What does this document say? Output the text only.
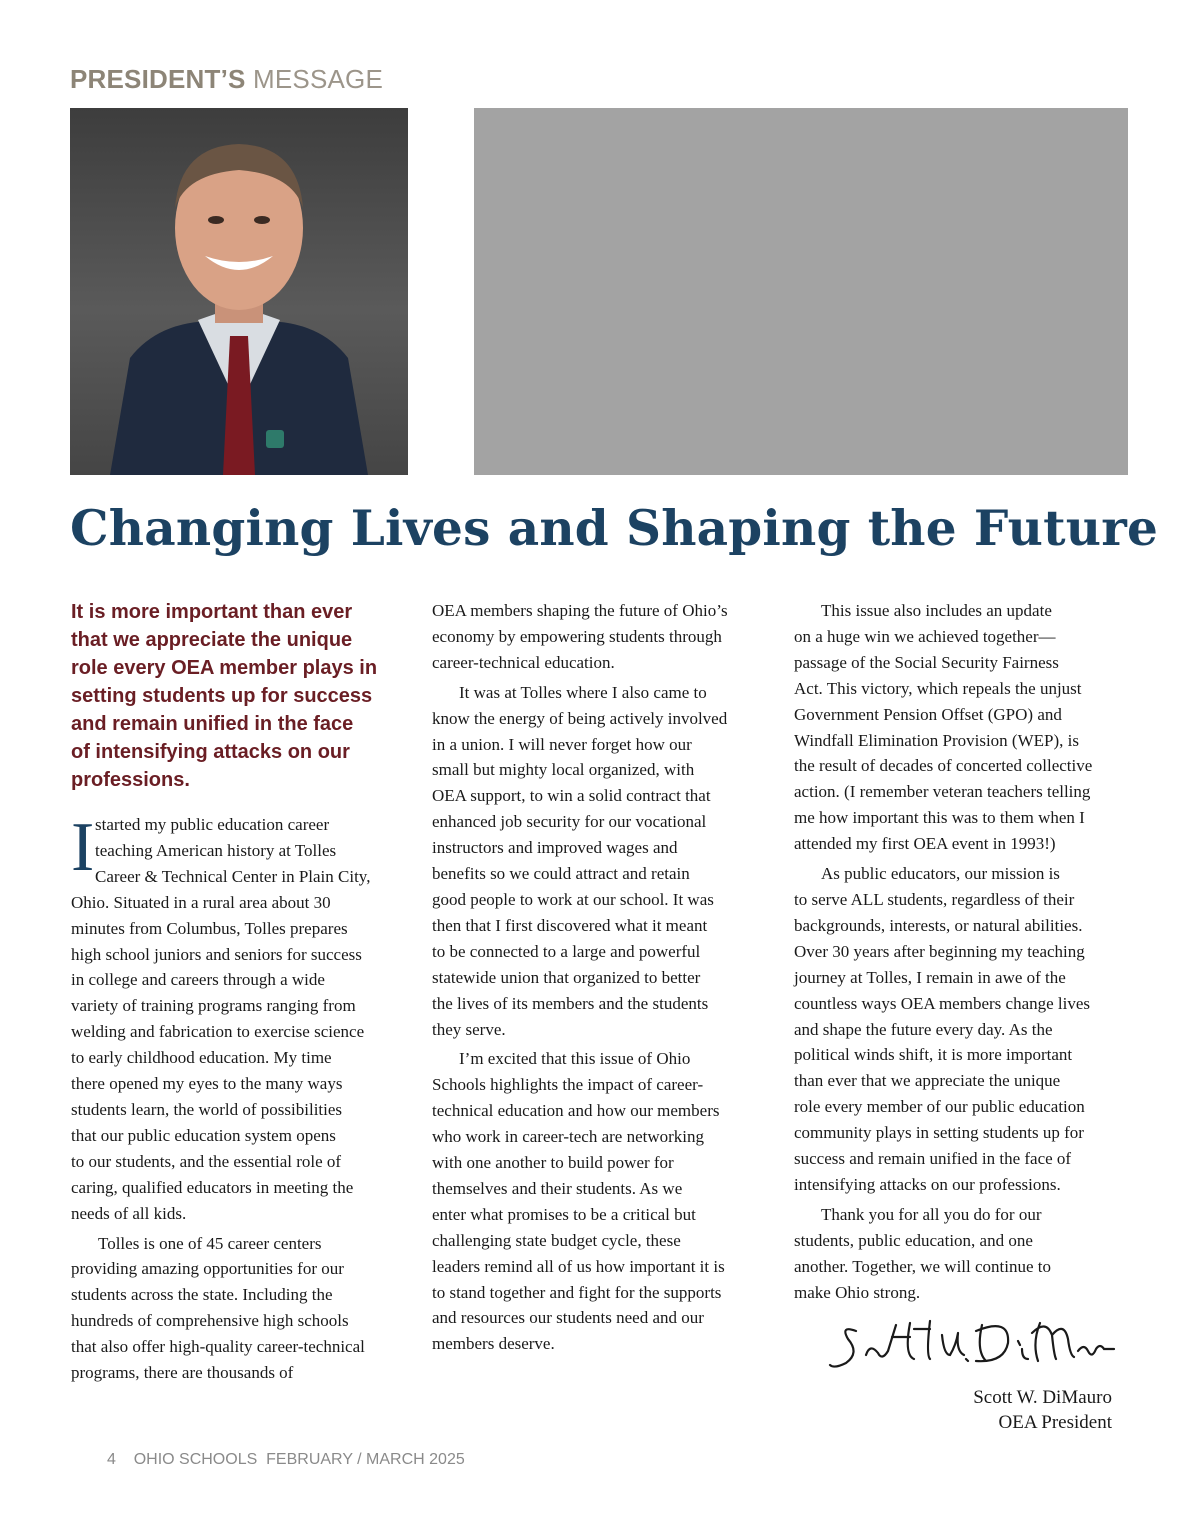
PRESIDENT’S MESSAGE
Changing Lives and Shaping the Future
It is more important than ever
that we appreciate the unique
role every OEA member plays in
setting students up for success
and remain unified in the face
of intensifying attacks on our
professions.

I started my public education career
teaching American history at Tolles
Career & Technical Center in Plain City,
Ohio. Situated in a rural area about 30
minutes from Columbus, Tolles prepares
high school juniors and seniors for success
in college and careers through a wide
variety of training programs ranging from
welding and fabrication to exercise science
to early childhood education. My time
there opened my eyes to the many ways
students learn, the world of possibilities
that our public education system opens
to our students, and the essential role of
caring, qualified educators in meeting the
needs of all kids.

Tolles is one of 45 career centers
providing amazing opportunities for our
students across the state. Including the
hundreds of comprehensive high schools
that also offer high-quality career-technical
programs, there are thousands of

OEA members shaping the future of Ohio’s
economy by empowering students through
career-technical education.

It was at Tolles where I also came to
know the energy of being actively involved
in a union. I will never forget how our
small but mighty local organized, with
OEA support, to win a solid contract that
enhanced job security for our vocational
instructors and improved wages and
benefits so we could attract and retain
good people to work at our school. It was
then that I first discovered what it meant
to be connected to a large and powerful
statewide union that organized to better
the lives of its members and the students
they serve.

I’m excited that this issue of Ohio
Schools highlights the impact of career-
technical education and how our members
who work in career-tech are networking
with one another to build power for
themselves and their students. As we
enter what promises to be a critical but
challenging state budget cycle, these
leaders remind all of us how important it is
to stand together and fight for the supports
and resources our students need and our
members deserve.

This issue also includes an update
on a huge win we achieved together—
passage of the Social Security Fairness
Act. This victory, which repeals the unjust
Government Pension Offset (GPO) and
Windfall Elimination Provision (WEP), is
the result of decades of concerted collective
action. (I remember veteran teachers telling
me how important this was to them when I
attended my first OEA event in 1993!)

As public educators, our mission is
to serve ALL students, regardless of their
backgrounds, interests, or natural abilities.
Over 30 years after beginning my teaching
journey at Tolles, I remain in awe of the
countless ways OEA members change lives
and shape the future every day. As the
political winds shift, it is more important
than ever that we appreciate the unique
role every member of our public education
community plays in setting students up for
success and remain unified in the face of
intensifying attacks on our professions.

Thank you for all you do for our
students, public education, and one
another. Together, we will continue to
make Ohio strong.

Scott W. DiMauro
OEA President
4 OHIO SCHOOLS  FEBRUARY / MARCH 2025
